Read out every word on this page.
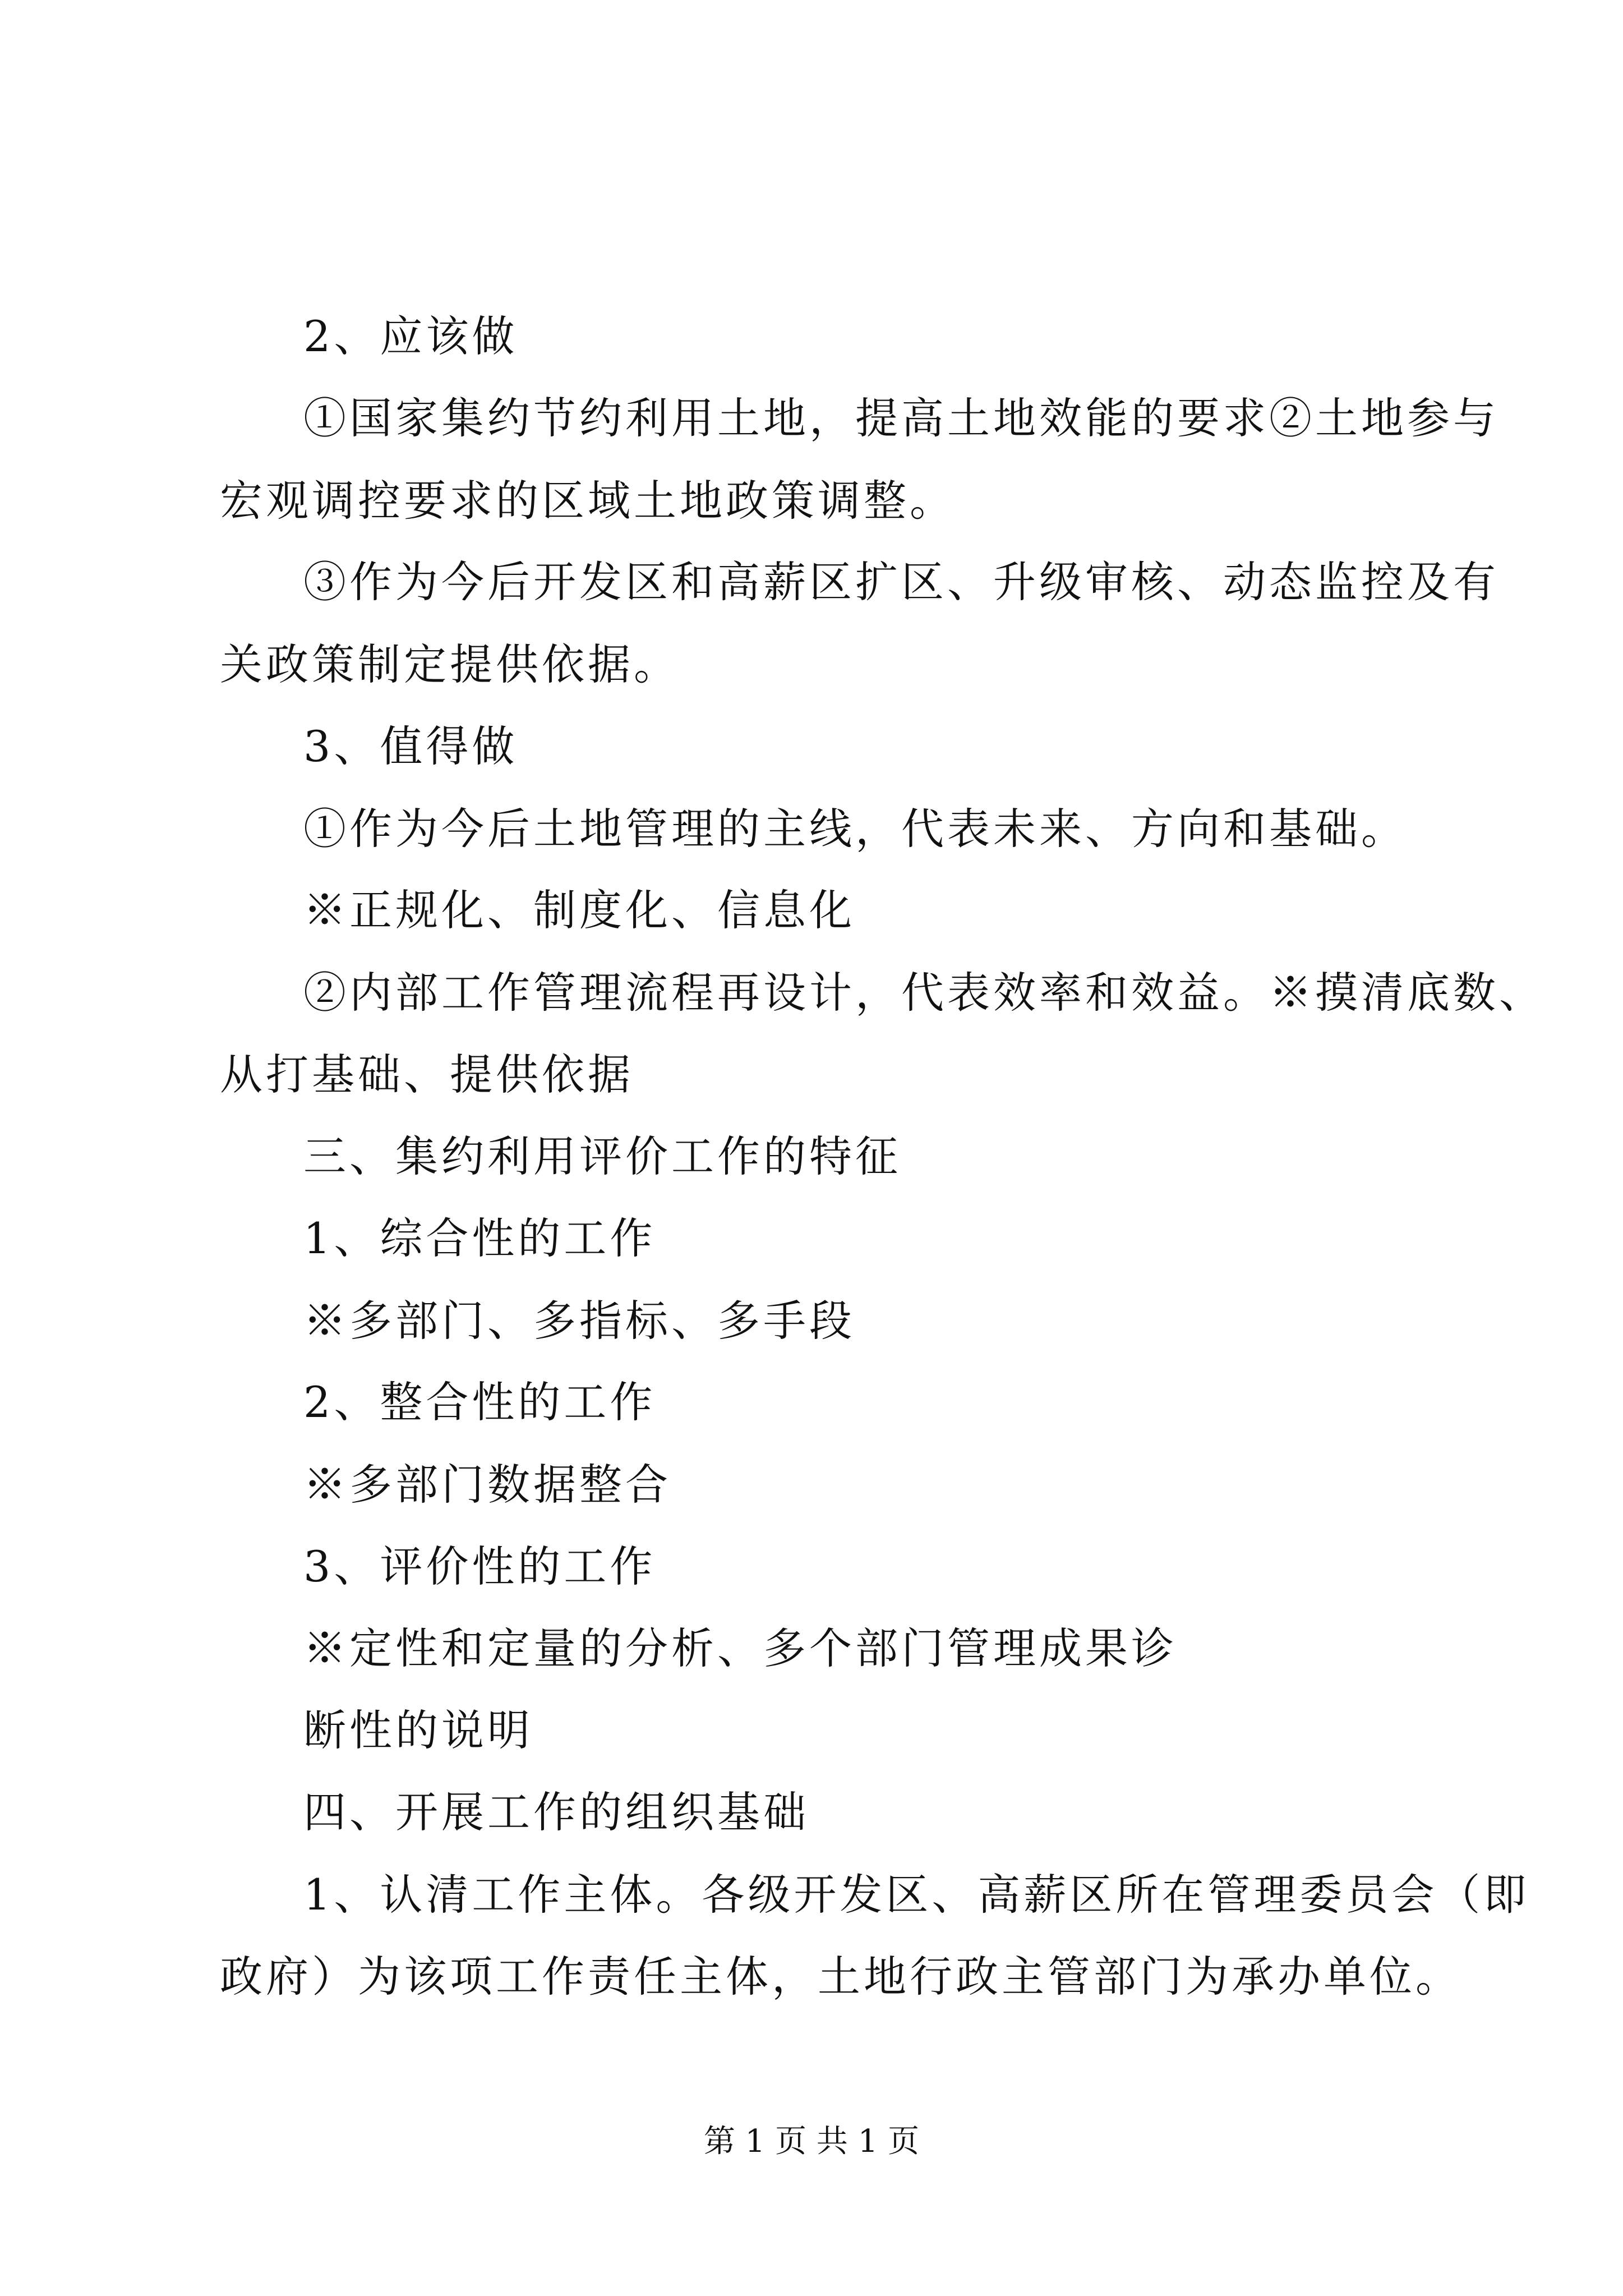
2、应该做

①国家集约节约利用土地，提高土地效能的要求②土地参与

宏观调控要求的区域土地政策调整。

③作为今后开发区和高薪区扩区、升级审核、动态监控及有

关政策制定提供依据。

3、值得做

①作为今后土地管理的主线，代表未来、方向和基础。

※正规化、制度化、信息化

②内部工作管理流程再设计，代表效率和效益。※摸清底数、

从打基础、提供依据

三、集约利用评价工作的特征

1、综合性的工作

※多部门、多指标、多手段

2、整合性的工作

※多部门数据整合

3、评价性的工作

※定性和定量的分析、多个部门管理成果诊

断性的说明

四、开展工作的组织基础

1、认清工作主体。各级开发区、高薪区所在管理委员会（即

政府）为该项工作责任主体，土地行政主管部门为承办单位。

第 1 页 共 1 页
